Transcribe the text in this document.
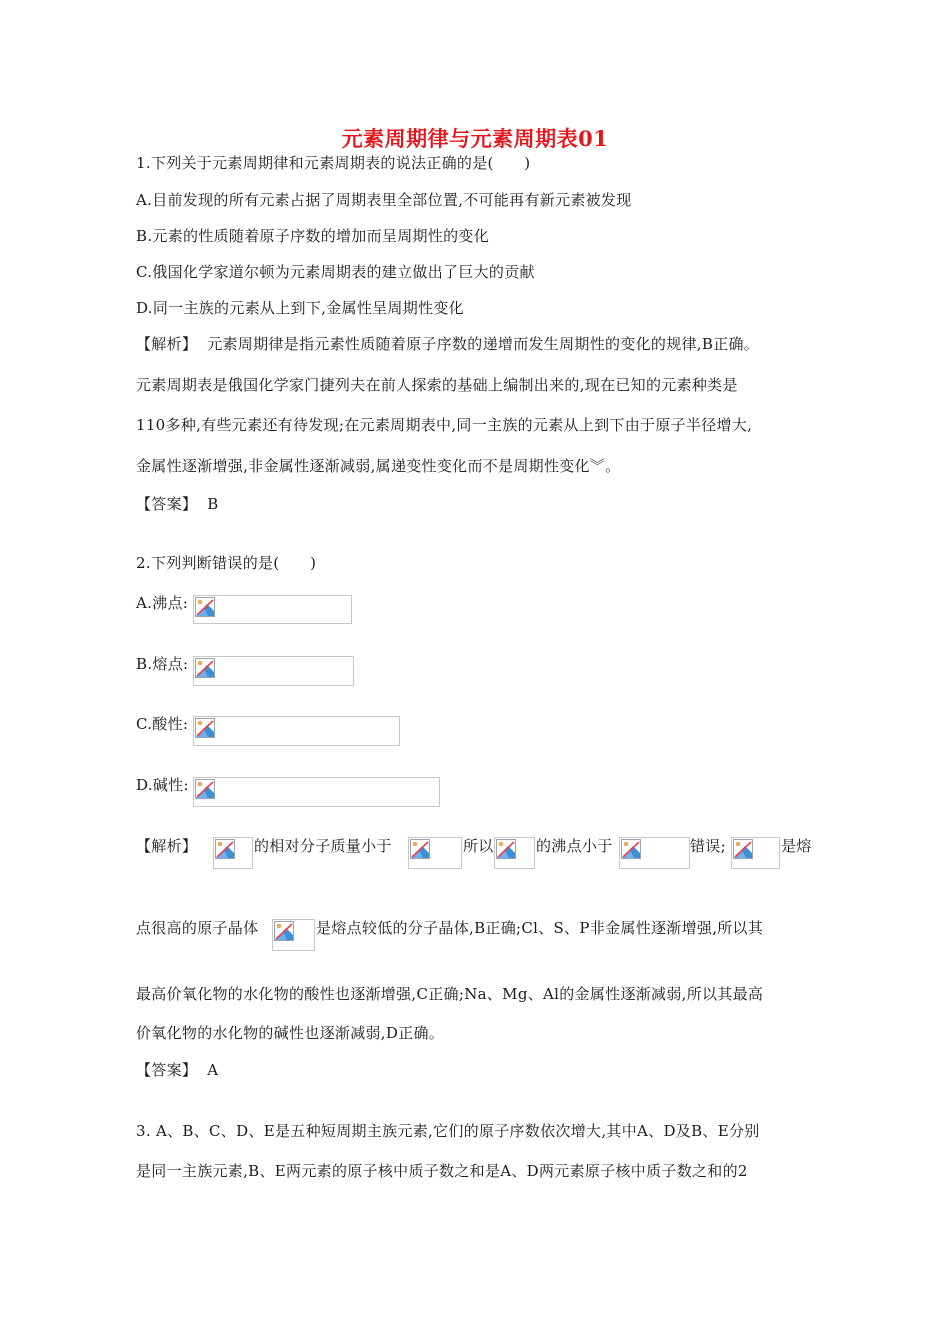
元素周期律与元素周期表01
1.下列关于元素周期律和元素周期表的说法正确的是(　　)
A.目前发现的所有元素占据了周期表里全部位置,不可能再有新元素被发现
B.元素的性质随着原子序数的增加而呈周期性的变化
C.俄国化学家道尔顿为元素周期表的建立做出了巨大的贡献
D.同一主族的元素从上到下,金属性呈周期性变化
【解析】 元素周期律是指元素性质随着原子序数的递增而发生周期性的变化的规律,B正确。
元素周期表是俄国化学家门捷列夫在前人探索的基础上编制出来的,现在已知的元素种类是
110多种,有些元素还有待发现;在元素周期表中,同一主族的元素从上到下由于原子半径增大,
金属性逐渐增强,非金属性逐渐减弱,属递变性变化而不是周期性变化︾。
【答案】 B
2.下列判断错误的是(　　)
A.沸点:
B.熔点:
C.酸性:
D.碱性:
【解析】	的相对分子质量小于	所以	的沸点小于	错误;	是熔
点很高的原子晶体	是熔点较低的分子晶体,B正确;Cl、S、P非金属性逐渐增强,所以其
最高价氧化物的水化物的酸性也逐渐增强,C正确;Na、Mg、Al的金属性逐渐减弱,所以其最高
价氧化物的水化物的碱性也逐渐减弱,D正确。
【答案】 A
3. A、B、C、D、E是五种短周期主族元素,它们的原子序数依次增大,其中A、D及B、E分别
是同一主族元素,B、E两元素的原子核中质子数之和是A、D两元素原子核中质子数之和的2
